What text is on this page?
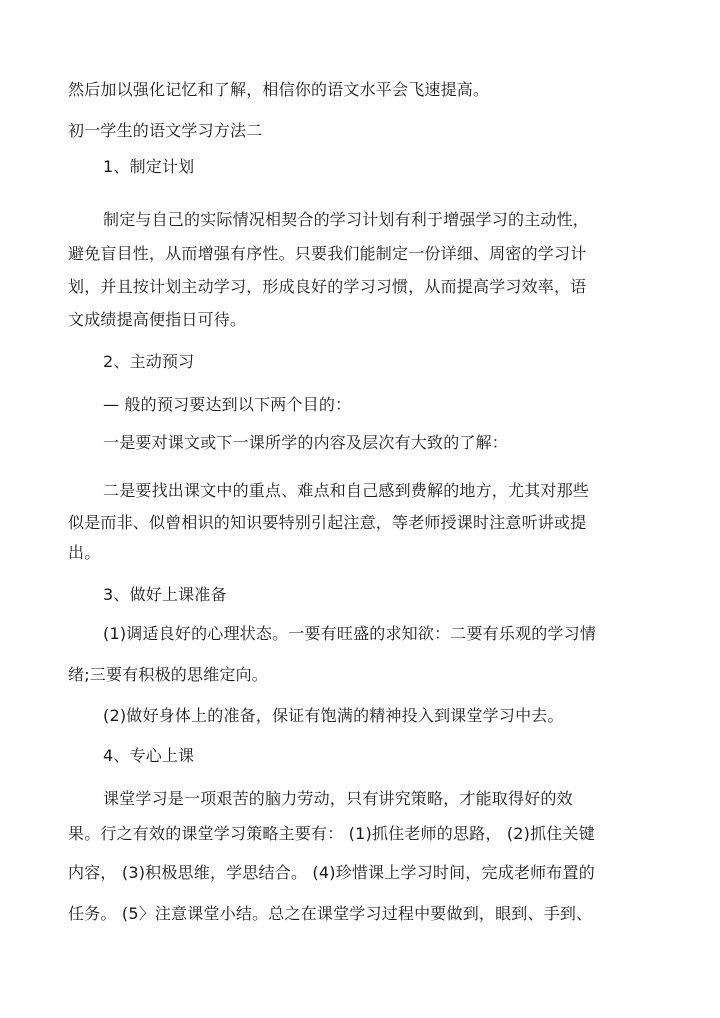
然后加以强化记忆和了解，相信你的语文水平会飞速提高。
初一学生的语文学习方法二
1、制定计划
制定与自己的实际情况相契合的学习计划有利于增强学习的主动性，
避免盲目性，从而增强有序性。只要我们能制定一份详细、周密的学习计
划，并且按计划主动学习，形成良好的学习习惯，从而提高学习效率，语
文成绩提高便指日可待。
2、主动预习
— 般的预习要达到以下两个目的：
一是要对课文或下一课所学的内容及层次有大致的了解：
二是要找出课文中的重点、难点和自己感到费解的地方，尤其对那些
似是而非、似曾相识的知识要特别引起注意，等老师授课时注意听讲或提
出。
3、做好上课准备
(1)调适良好的心理状态。一要有旺盛的求知欲：二要有乐观的学习情
绪;三要有积极的思维定向。
(2)做好身体上的准备，保证有饱满的精神投入到课堂学习中去。
4、专心上课
课堂学习是一项艰苦的脑力劳动，只有讲究策略，才能取得好的效
果。行之有效的课堂学习策略主要有： (1)抓住老师的思路， (2)抓住关键
内容， (3)积极思维，学思结合。 (4)珍惜课上学习时间，完成老师布置的
任务。 (5〉注意课堂小结。总之在课堂学习过程中要做到，眼到、手到、
